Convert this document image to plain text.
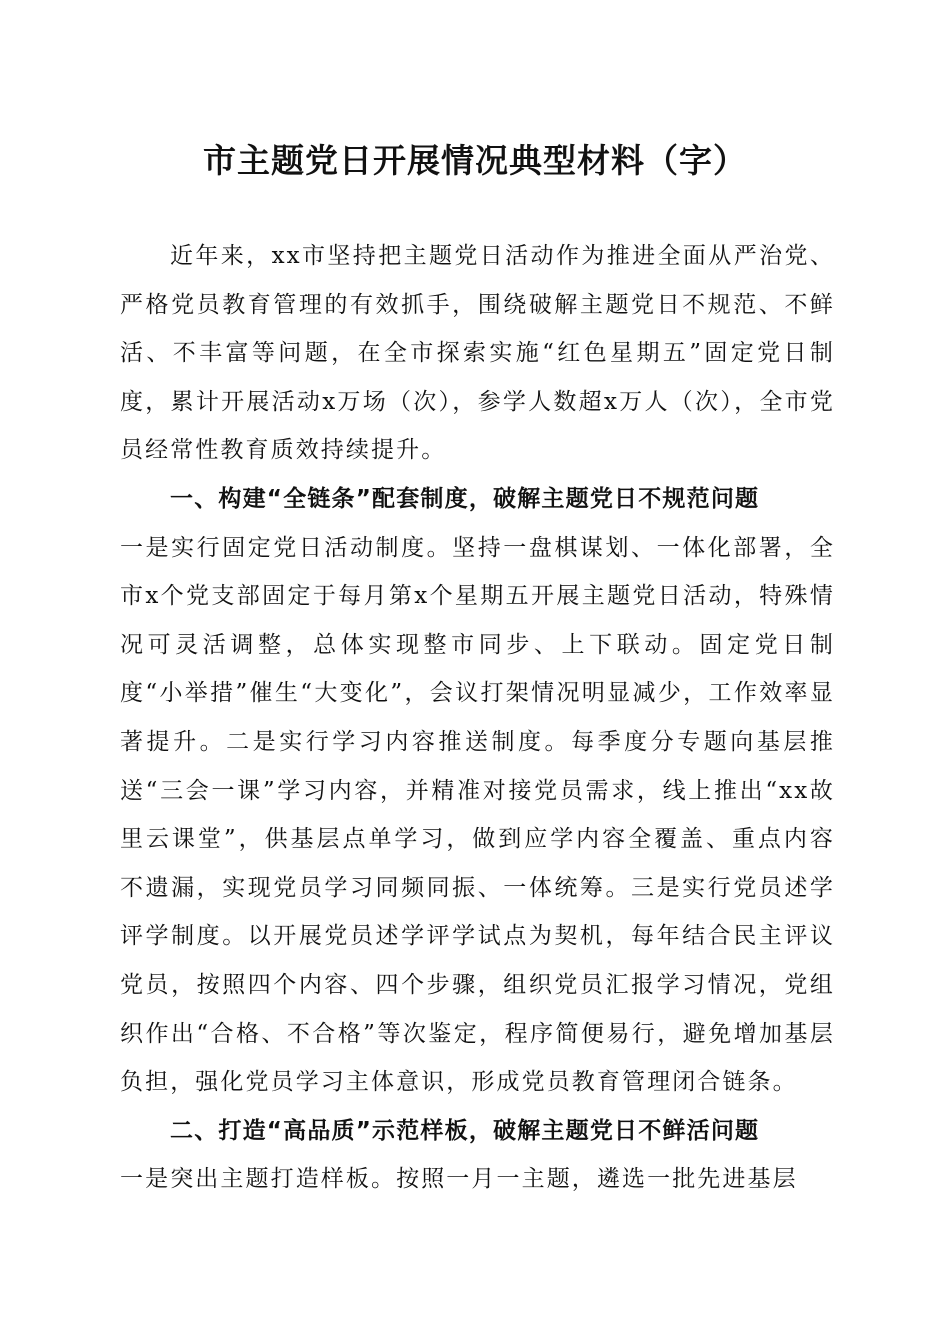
市主题党日开展情况典型材料（字）

近年来，xx市坚持把主题党日活动作为推进全面从严治党、严格党员教育管理的有效抓手，围绕破解主题党日不规范、不鲜活、不丰富等问题，在全市探索实施“红色星期五”固定党日制度，累计开展活动x万场（次），参学人数超x万人（次），全市党员经常性教育质效持续提升。

一、构建“全链条”配套制度，破解主题党日不规范问题

一是实行固定党日活动制度。坚持一盘棋谋划、一体化部署，全市x个党支部固定于每月第x个星期五开展主题党日活动，特殊情况可灵活调整，总体实现整市同步、上下联动。固定党日制度“小举措”催生“大变化”，会议打架情况明显减少，工作效率显著提升。二是实行学习内容推送制度。每季度分专题向基层推送“三会一课”学习内容，并精准对接党员需求，线上推出“xx故里云课堂”，供基层点单学习，做到应学内容全覆盖、重点内容不遗漏，实现党员学习同频同振、一体统筹。三是实行党员述学评学制度。以开展党员述学评学试点为契机，每年结合民主评议党员，按照四个内容、四个步骤，组织党员汇报学习情况，党组织作出“合格、不合格”等次鉴定，程序简便易行，避免增加基层负担，强化党员学习主体意识，形成党员教育管理闭合链条。

二、打造“高品质”示范样板，破解主题党日不鲜活问题

一是突出主题打造样板。按照一月一主题，遴选一批先进基层
